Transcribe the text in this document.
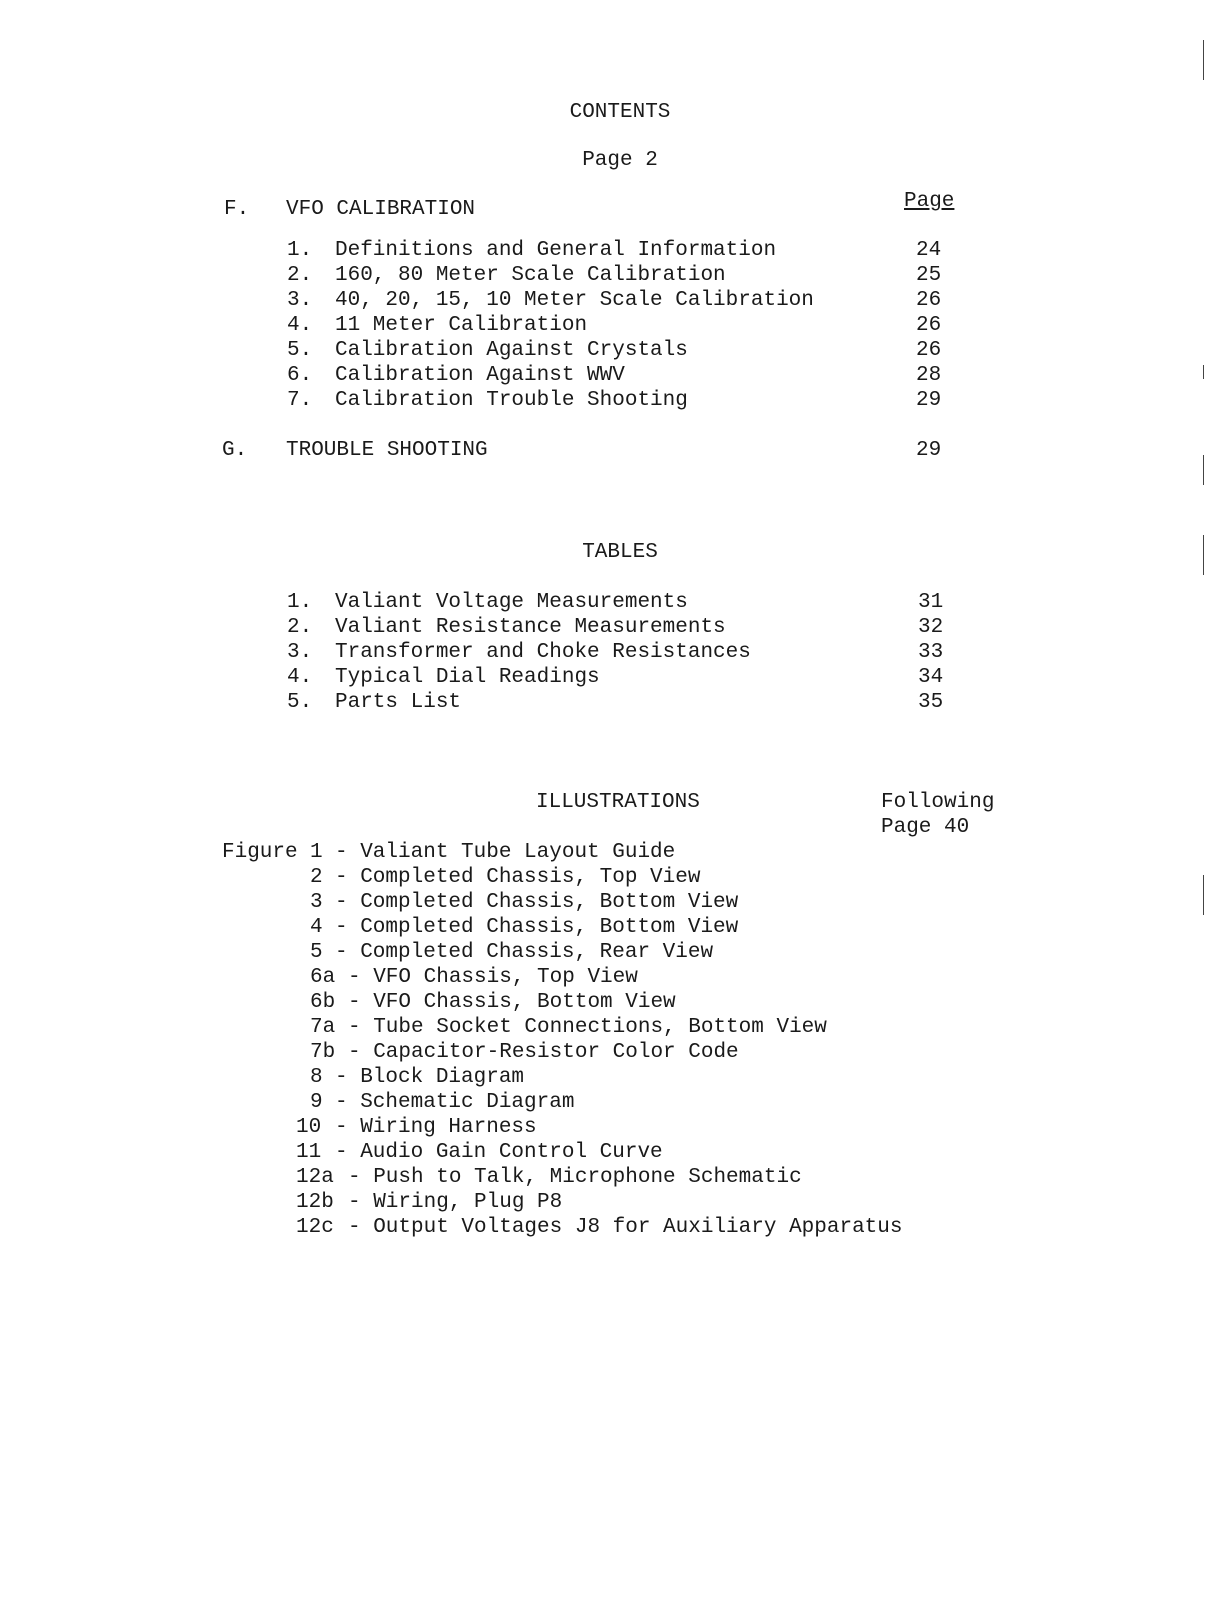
CONTENTS
Page 2
F. VFO CALIBRATION	Page
1. Definitions and General Information	24
2. 160, 80 Meter Scale Calibration	25
3. 40, 20, 15, 10 Meter Scale Calibration	26
4. 11 Meter Calibration	26
5. Calibration Against Crystals	26
6. Calibration Against WWV	28
7. Calibration Trouble Shooting	29
G. TROUBLE SHOOTING	29
TABLES
1. Valiant Voltage Measurements	31
2. Valiant Resistance Measurements	32
3. Transformer and Choke Resistances	33
4. Typical Dial Readings	34
5. Parts List	35
ILLUSTRATIONS	Following
Page 40
Figure 1 - Valiant Tube Layout Guide
2 - Completed Chassis, Top View
3 - Completed Chassis, Bottom View
4 - Completed Chassis, Bottom View
5 - Completed Chassis, Rear View
6a - VFO Chassis, Top View
6b - VFO Chassis, Bottom View
7a - Tube Socket Connections, Bottom View
7b - Capacitor-Resistor Color Code
8 - Block Diagram
9 - Schematic Diagram
10 - Wiring Harness
11 - Audio Gain Control Curve
12a - Push to Talk, Microphone Schematic
12b - Wiring, Plug P8
12c - Output Voltages J8 for Auxiliary Apparatus
